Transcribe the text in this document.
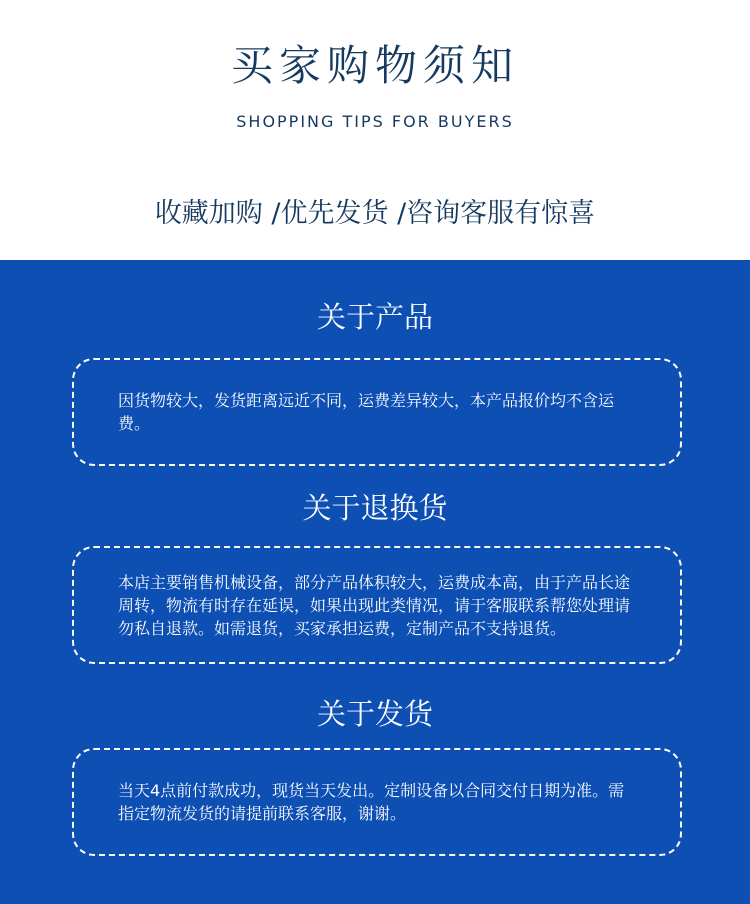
买家购物须知
SHOPPING TIPS FOR BUYERS
收藏加购 /优先发货 /咨询客服有惊喜
关于产品
因货物较大，发货距离远近不同，运费差异较大，本产品报价均不含运费。
关于退换货
本店主要销售机械设备，部分产品体积较大，运费成本高，由于产品长途周转，物流有时存在延误，如果出现此类情况，请于客服联系帮您处理请勿私自退款。如需退货，买家承担运费，定制产品不支持退货。
关于发货
当天4点前付款成功，现货当天发出。定制设备以合同交付日期为准。需指定物流发货的请提前联系客服，谢谢。
